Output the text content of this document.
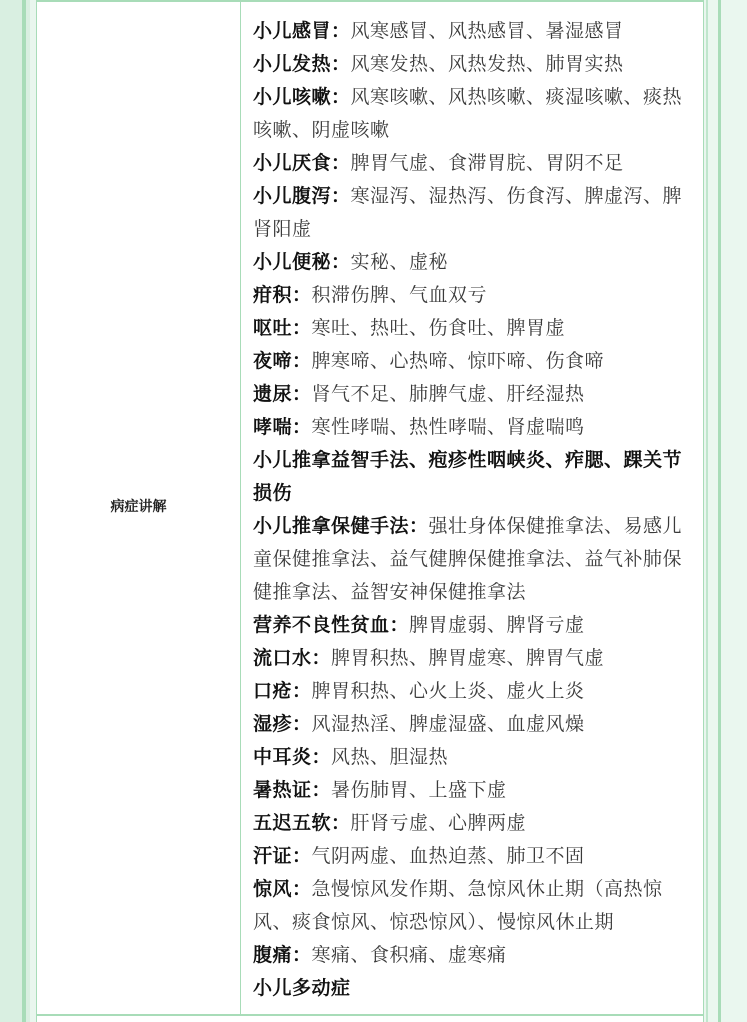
病症讲解
小儿感冒：风寒感冒、风热感冒、暑湿感冒
小儿发热：风寒发热、风热发热、肺胃实热
小儿咳嗽：风寒咳嗽、风热咳嗽、痰湿咳嗽、痰热咳嗽、阴虚咳嗽
小儿厌食：脾胃气虚、食滞胃脘、胃阴不足
小儿腹泻：寒湿泻、湿热泻、伤食泻、脾虚泻、脾肾阳虚
小儿便秘：实秘、虚秘
疳积：积滞伤脾、气血双亏
呕吐：寒吐、热吐、伤食吐、脾胃虚
夜啼：脾寒啼、心热啼、惊吓啼、伤食啼
遗尿：肾气不足、肺脾气虚、肝经湿热
哮喘：寒性哮喘、热性哮喘、肾虚喘鸣
小儿推拿益智手法、疱疹性咽峡炎、痄腮、踝关节损伤
小儿推拿保健手法：强壮身体保健推拿法、易感儿童保健推拿法、益气健脾保健推拿法、益气补肺保健推拿法、益智安神保健推拿法
营养不良性贫血：脾胃虚弱、脾肾亏虚
流口水：脾胃积热、脾胃虚寒、脾胃气虚
口疮：脾胃积热、心火上炎、虚火上炎
湿疹：风湿热淫、脾虚湿盛、血虚风燥
中耳炎：风热、胆湿热
暑热证：暑伤肺胃、上盛下虚
五迟五软：肝肾亏虚、心脾两虚
汗证：气阴两虚、血热迫蒸、肺卫不固
惊风：急慢惊风发作期、急惊风休止期（高热惊风、痰食惊风、惊恐惊风）、慢惊风休止期
腹痛：寒痛、食积痛、虚寒痛
小儿多动症
